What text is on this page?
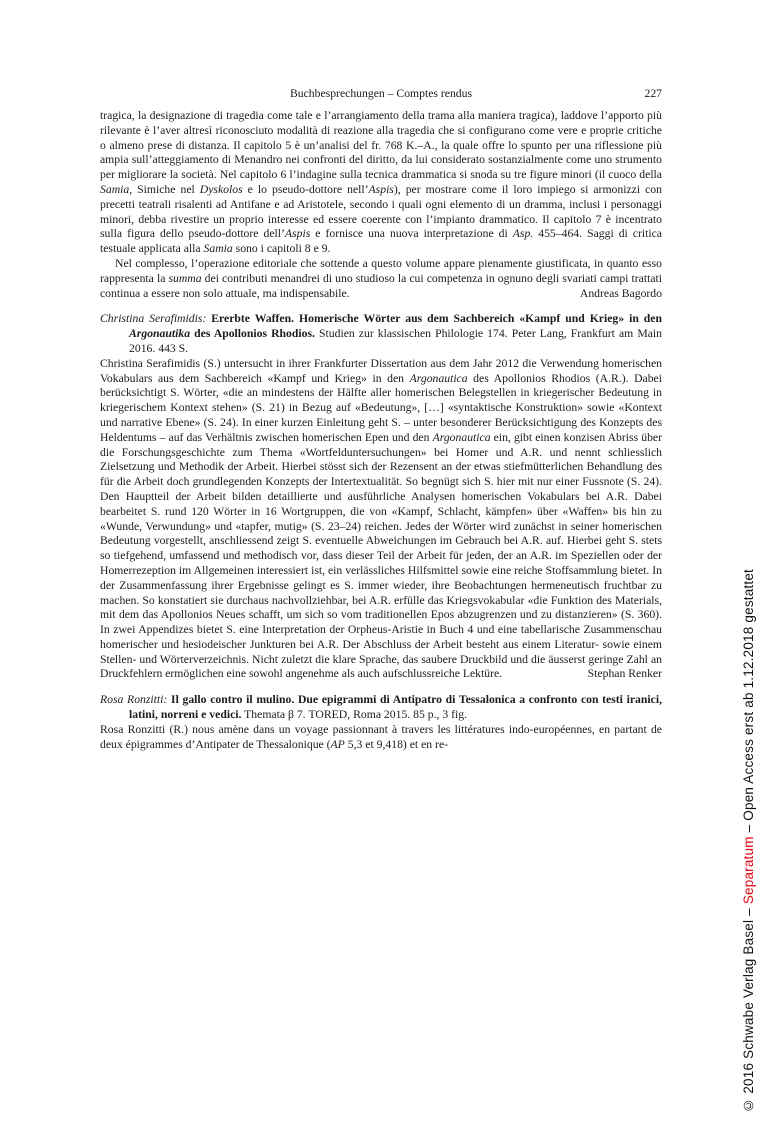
Buchbesprechungen – Comptes rendus	227

tragica, la designazione di tragedia come tale e l’arrangiamento della trama alla maniera tragica), laddove l’apporto più rilevante è l’aver altresì riconosciuto modalità di reazione alla tragedia che si configurano come vere e proprie critiche o almeno prese di distanza. Il capitolo 5 è un’analisi del fr. 768 K.–A., la quale offre lo spunto per una riflessione più ampia sull’atteggiamento di Menandro nei confronti del diritto, da lui considerato sostanzialmente come uno strumento per migliorare la società. Nel capitolo 6 l’indagine sulla tecnica drammatica si snoda su tre figure minori (il cuoco della Samia, Simiche nel Dyskolos e lo pseudo-dottore nell’Aspis), per mostrare come il loro impiego si armonizzi con precetti teatrali risalenti ad Antifane e ad Aristotele, secondo i quali ogni elemento di un dramma, inclusi i personaggi minori, debba rivestire un proprio interesse ed essere coerente con l’impianto drammatico. Il capitolo 7 è incentrato sulla figura dello pseudo-dottore dell’Aspis e fornisce una nuova interpretazione di Asp. 455–464. Saggi di critica testuale applicata alla Samia sono i capitoli 8 e 9.

Nel complesso, l’operazione editoriale che sottende a questo volume appare pienamente giustificata, in quanto esso rappresenta la summa dei contributi menandrei di uno studioso la cui competenza in ognuno degli svariati campi trattati continua a essere non solo attuale, ma indispensabile.	Andreas Bagordo

Christina Serafimidis: Ererbte Waffen. Homerische Wörter aus dem Sachbereich «Kampf und Krieg» in den Argonautika des Apollonios Rhodios. Studien zur klassischen Philologie 174. Peter Lang, Frankfurt am Main 2016. 443 S.

Christina Serafimidis (S.) untersucht in ihrer Frankfurter Dissertation aus dem Jahr 2012 die Verwendung homerischen Vokabulars aus dem Sachbereich «Kampf und Krieg» in den Argonautica des Apollonios Rhodios (A.R.). Dabei berücksichtigt S. Wörter, «die an mindestens der Hälfte aller homerischen Belegstellen in kriegerischer Bedeutung in kriegerischem Kontext stehen» (S. 21) in Bezug auf «Bedeutung», […] «syntaktische Konstruktion» sowie «Kontext und narrative Ebene» (S. 24). In einer kurzen Einleitung geht S. – unter besonderer Berücksichtigung des Konzepts des Heldentums – auf das Verhältnis zwischen homerischen Epen und den Argonautica ein, gibt einen konzisen Abriss über die Forschungsgeschichte zum Thema «Wortfelduntersuchungen» bei Homer und A.R. und nennt schliesslich Zielsetzung und Methodik der Arbeit. Hierbei stösst sich der Rezensent an der etwas stiefmütterlichen Behandlung des für die Arbeit doch grundlegenden Konzepts der Intertextualität. So begnügt sich S. hier mit nur einer Fussnote (S. 24). Den Hauptteil der Arbeit bilden detaillierte und ausführliche Analysen homerischen Vokabulars bei A.R. Dabei bearbeitet S. rund 120 Wörter in 16 Wortgruppen, die von «Kampf, Schlacht, kämpfen» über «Waffen» bis hin zu «Wunde, Verwundung» und «tapfer, mutig» (S. 23–24) reichen. Jedes der Wörter wird zunächst in seiner homerischen Bedeutung vorgestellt, anschliessend zeigt S. eventuelle Abweichungen im Gebrauch bei A.R. auf. Hierbei geht S. stets so tiefgehend, umfassend und methodisch vor, dass dieser Teil der Arbeit für jeden, der an A.R. im Speziellen oder der Homerrezeption im Allgemeinen interessiert ist, ein verlässliches Hilfsmittel sowie eine reiche Stoffsammlung bietet. In der Zusammenfassung ihrer Ergebnisse gelingt es S. immer wieder, ihre Beobachtungen hermeneutisch fruchtbar zu machen. So konstatiert sie durchaus nachvollziehbar, bei A.R. erfülle das Kriegsvokabular «die Funktion des Materials, mit dem das Apollonios Neues schafft, um sich so vom traditionellen Epos abzugrenzen und zu distanzieren» (S. 360). In zwei Appendizes bietet S. eine Interpretation der Orpheus-Aristie in Buch 4 und eine tabellarische Zusammenschau homerischer und hesiodeischer Junkturen bei A.R. Der Abschluss der Arbeit besteht aus einem Literatur- sowie einem Stellen- und Wörterverzeichnis. Nicht zuletzt die klare Sprache, das saubere Druckbild und die äusserst geringe Zahl an Druckfehlern ermöglichen eine sowohl angenehme als auch aufschlussreiche Lektüre.	Stephan Renker

Rosa Ronzitti: Il gallo contro il mulino. Due epigrammi di Antipatro di Tessalonica a confronto con testi iranici, latini, norreni e vedici. Themata β 7. TORED, Roma 2015. 85 p., 3 fig.

Rosa Ronzitti (R.) nous amène dans un voyage passionnant à travers les littératures indo-européennes, en partant de deux épigrammes d’Antipater de Thessalonique (AP 5,3 et 9,418) et en re-

© 2016 Schwabe Verlag Basel – Separatum – Open Access erst ab 1.12.2018 gestattet
